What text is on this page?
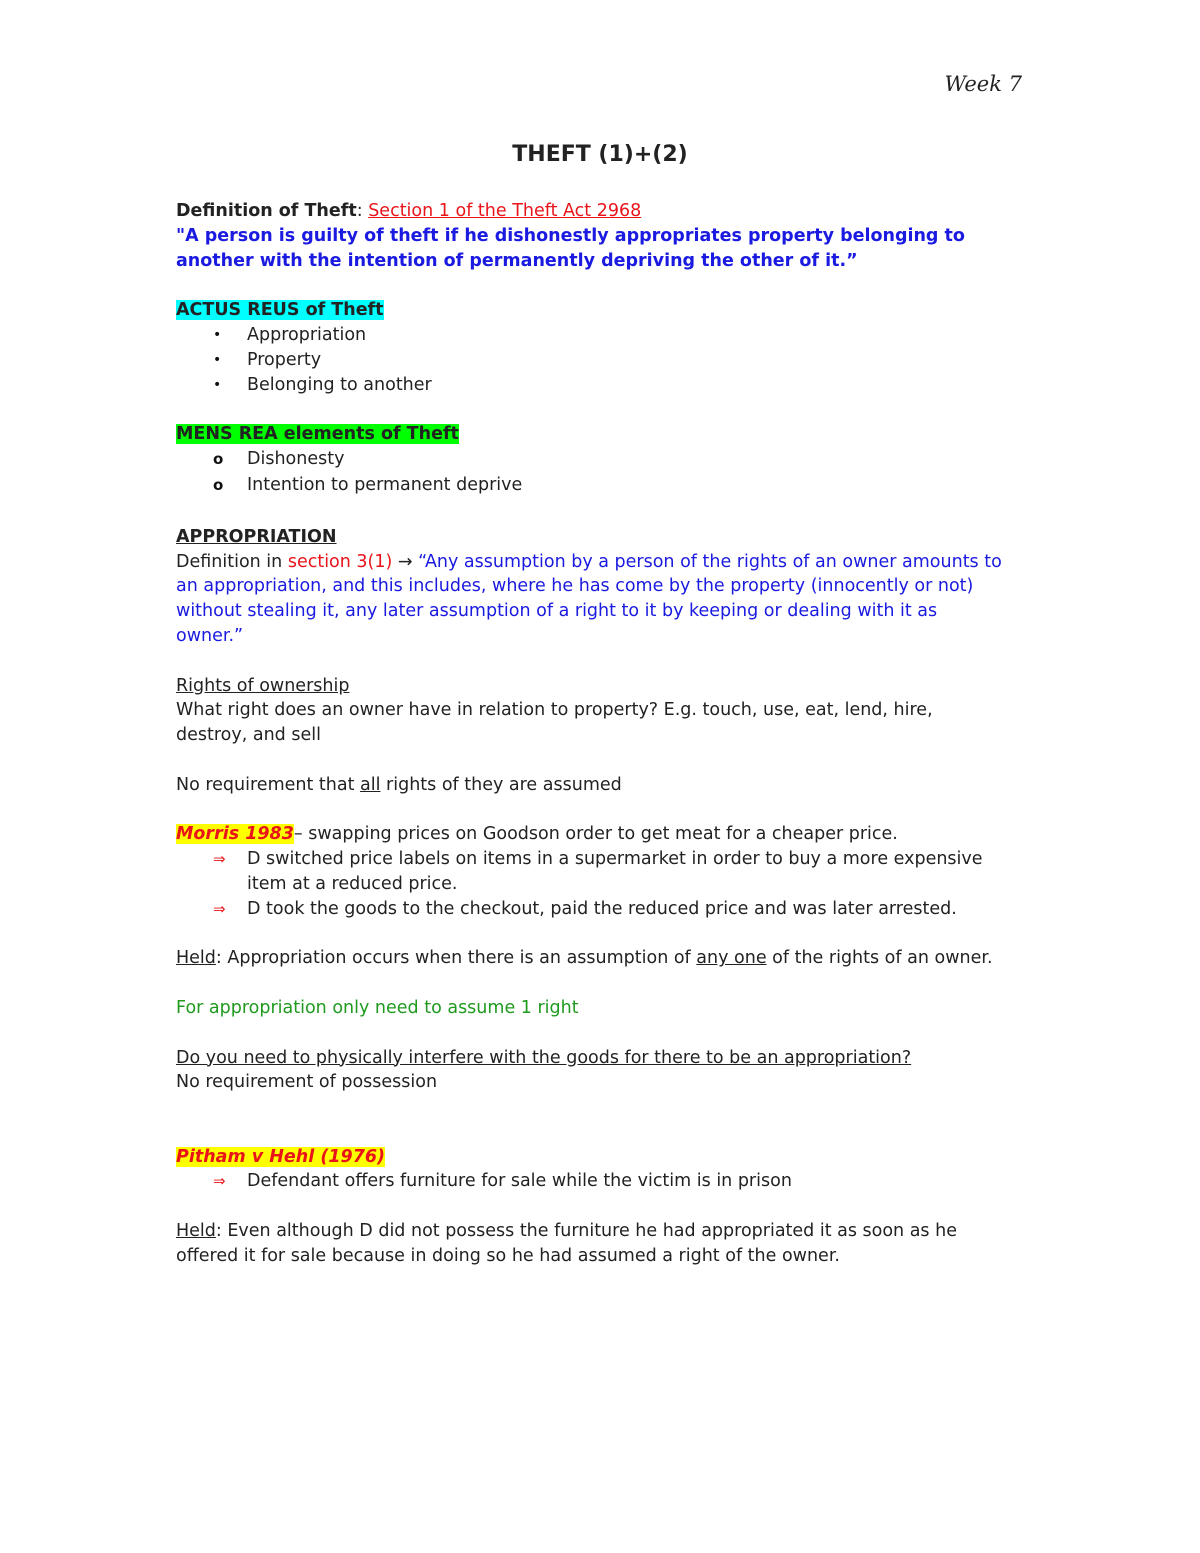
Week 7
THEFT (1)+(2)
Definition of Theft: Section 1 of the Theft Act 2968
"A person is guilty of theft if he dishonestly appropriates property belonging to
another with the intention of permanently depriving the other of it.”
ACTUS REUS of Theft
•	Appropriation
•	Property
•	Belonging to another
MENS REA elements of Theft
o	Dishonesty
o	Intention to permanent deprive
APPROPRIATION
Definition in section 3(1) → “Any assumption by a person of the rights of an owner amounts to
an appropriation, and this includes, where he has come by the property (innocently or not)
without stealing it, any later assumption of a right to it by keeping or dealing with it as
owner.”
Rights of ownership
What right does an owner have in relation to property? E.g. touch, use, eat, lend, hire,
destroy, and sell
No requirement that all rights of they are assumed
Morris 1983– swapping prices on Goodson order to get meat for a cheaper price.
⇒	D switched price labels on items in a supermarket in order to buy a more expensive item at a reduced price.
⇒	D took the goods to the checkout, paid the reduced price and was later arrested.
Held: Appropriation occurs when there is an assumption of any one of the rights of an owner.
For appropriation only need to assume 1 right
Do you need to physically interfere with the goods for there to be an appropriation?
No requirement of possession
Pitham v Hehl (1976)
⇒	Defendant offers furniture for sale while the victim is in prison
Held: Even although D did not possess the furniture he had appropriated it as soon as he
offered it for sale because in doing so he had assumed a right of the owner.
